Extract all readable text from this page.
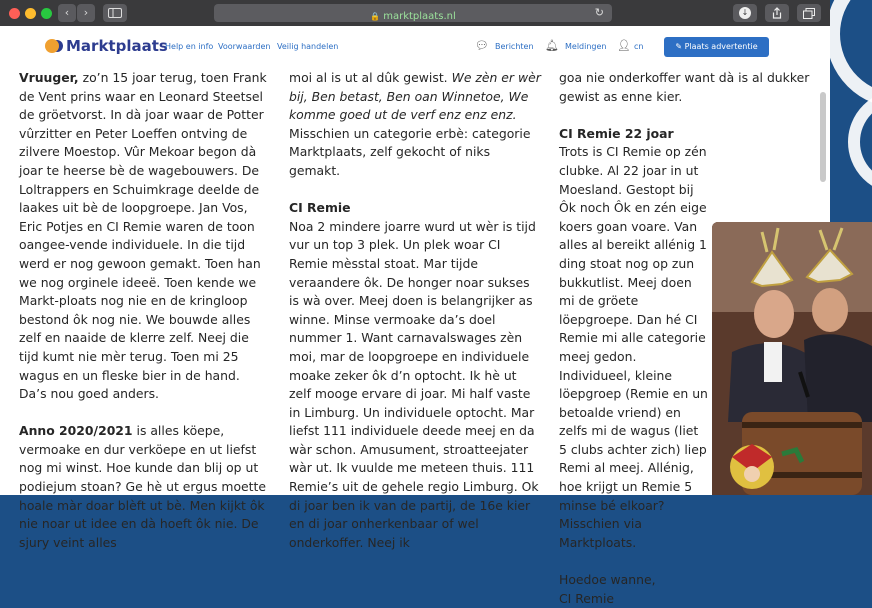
‹	›	🔒 marktplaats.nl	↻	↓
Marktplaats
Help en info Voorwaarden Veilig handelen	💬︎ Berichten 🔔︎ Meldingen 👤︎ cn	✎ Plaats advertentie

Vruuger, zo’n 15 joar terug, toen Frank de Vent prins waar en Leonard Steetsel de gröetvorst. In dà joar waar de Potter vûrzitter en Peter Loeffen ontving de zilvere Moestop. Vûr Mekoar begon dà joar te heerse bè de wagebouwers. De Loltrappers en Schuimkrage deelde de laakes uit bè de loopgroepe. Jan Vos, Eric Potjes en CI Remie waren de toon oangee-vende individuele. In die tijd werd er nog gewoon gemakt. Toen han we nog orginele ideeë. Toen kende we Markt-ploats nog nie en de kringloop bestond ôk nog nie. We bouwde alles zelf en naaide de klerre zelf. Neej die tijd kumt nie mèr terug. Toen mi 25 wagus en un fleske bier in de hand. Da’s nou goed anders.

Anno 2020/2021 is alles köepe, vermoake en dur verköepe en ut liefst nog mi winst. Hoe kunde dan blij op ut podiejum stoan? Ge hè ut ergus moette hoale màr doar blèft ut bè. Men kijkt ôk nie noar ut idee en dà hoeft ôk nie. De sjury veint alles

moi al is ut al dûk gewist. We zèn er wèr bij, Ben betast, Ben oan Winnetoe, We komme goed ut de verf enz enz enz. Misschien un categorie erbè: categorie Marktplaats, zelf gekocht of niks gemakt.

CI Remie

Noa 2 mindere joarre wurd ut wèr is tijd vur un top 3 plek. Un plek woar CI Remie mèsstal stoat. Mar tijde veraandere ôk. De honger noar sukses is wà over. Meej doen is belangrijker as winne. Minse vermoake da’s doel nummer 1. Want carnavalswages zèn moi, mar de loopgroepe en individuele moake zeker ôk d’n optocht. Ik hè ut zelf mooge ervare di joar. Mi half vaste in Limburg. Un individuele optocht. Mar liefst 111 individuele deede meej en da wàr schon. Amusument, stroatteejater wàr ut. Ik vuulde me meteen thuis. 111 Remie’s uit de gehele regio Limburg. Ok di joar ben ik van de partij, de 16e kier en di joar onherkenbaar of wel onderkoffer. Neej ik

goa nie onderkoffer want dà is al dukker gewist as enne kier.

CI Remie 22 joar

Trots is CI Remie op zén clubke. Al 22 joar in ut Moesland. Gestopt bij Ôk noch Ôk en zén eige koers goan voare. Van alles al bereikt allénig 1 ding stoat nog op zun bukkutlist. Meej doen mi de gröete löepgroepe. Dan hé CI Remie mi alle categorie meej gedon. Individueel, kleine löepgroep (Remie en un betoalde vriend) en zelfs mi de wagus (liet 5 clubs achter zich) liep Remi al meej. Allénig, hoe krijgt un Remie 5 minse bé elkoar? Misschien via Marktploats.

Hoedoe wanne,

CI Remie
